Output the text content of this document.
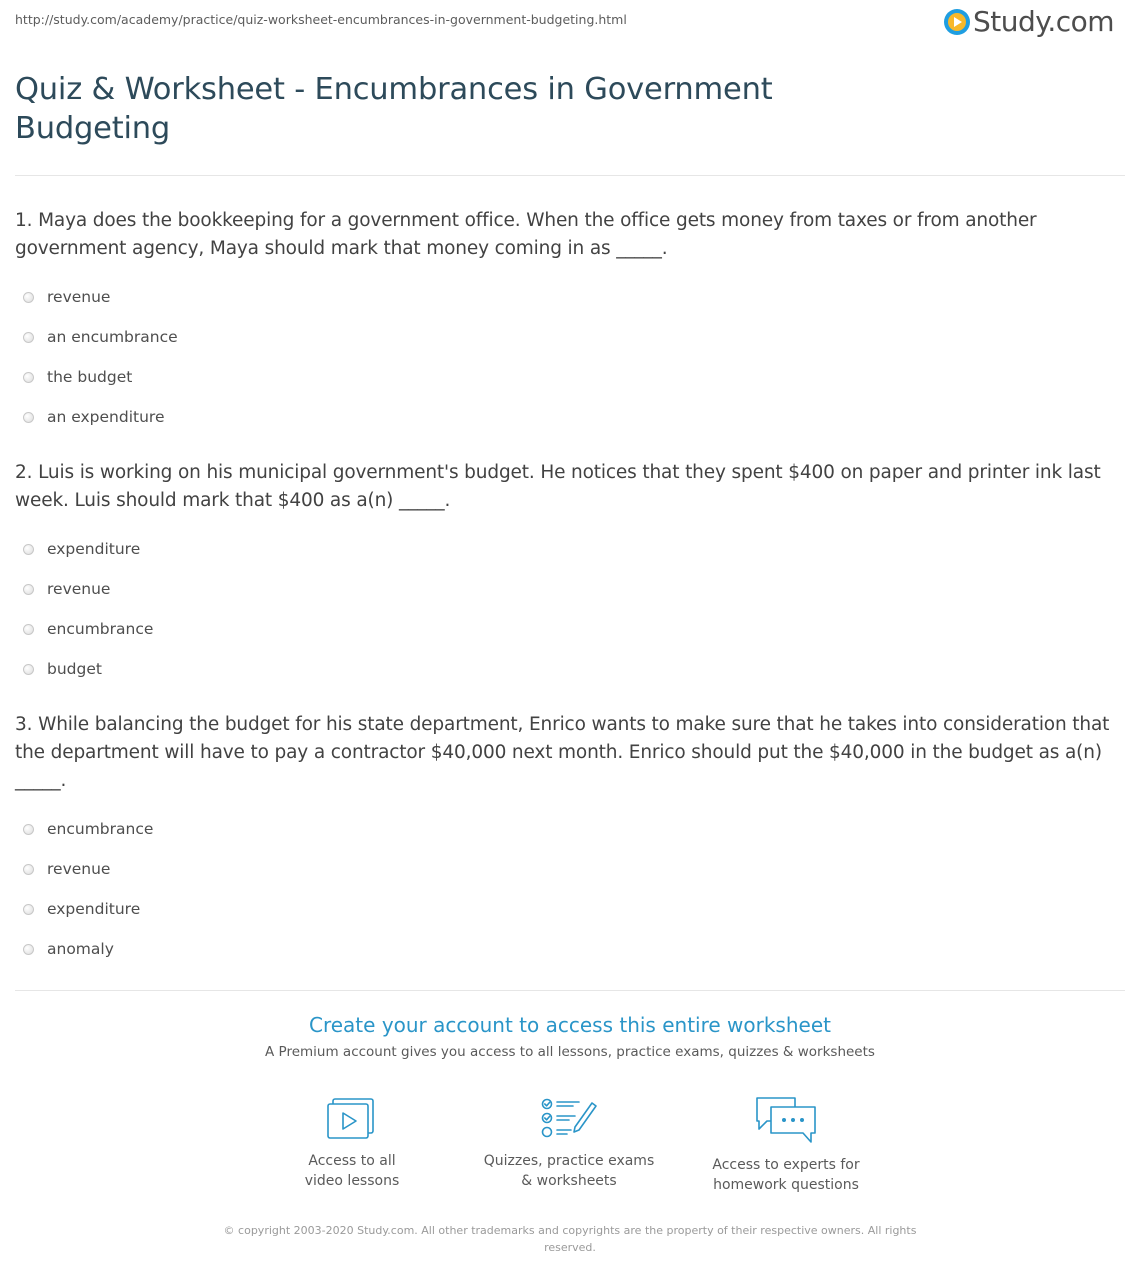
http://study.com/academy/practice/quiz-worksheet-encumbrances-in-government-budgeting.html	Study.com
Quiz & Worksheet - Encumbrances in Government Budgeting
1. Maya does the bookkeeping for a government office. When the office gets money from taxes or from another government agency, Maya should mark that money coming in as _____.
revenue
an encumbrance
the budget
an expenditure
2. Luis is working on his municipal government's budget. He notices that they spent $400 on paper and printer ink last week. Luis should mark that $400 as a(n) _____.
expenditure
revenue
encumbrance
budget
3. While balancing the budget for his state department, Enrico wants to make sure that he takes into consideration that the department will have to pay a contractor $40,000 next month. Enrico should put the $40,000 in the budget as a(n) _____.
encumbrance
revenue
expenditure
anomaly
Create your account to access this entire worksheet
A Premium account gives you access to all lessons, practice exams, quizzes & worksheets
Access to all
video lessons
Quizzes, practice exams
& worksheets
Access to experts for
homework questions
© copyright 2003-2020 Study.com. All other trademarks and copyrights are the property of their respective owners. All rights reserved.
